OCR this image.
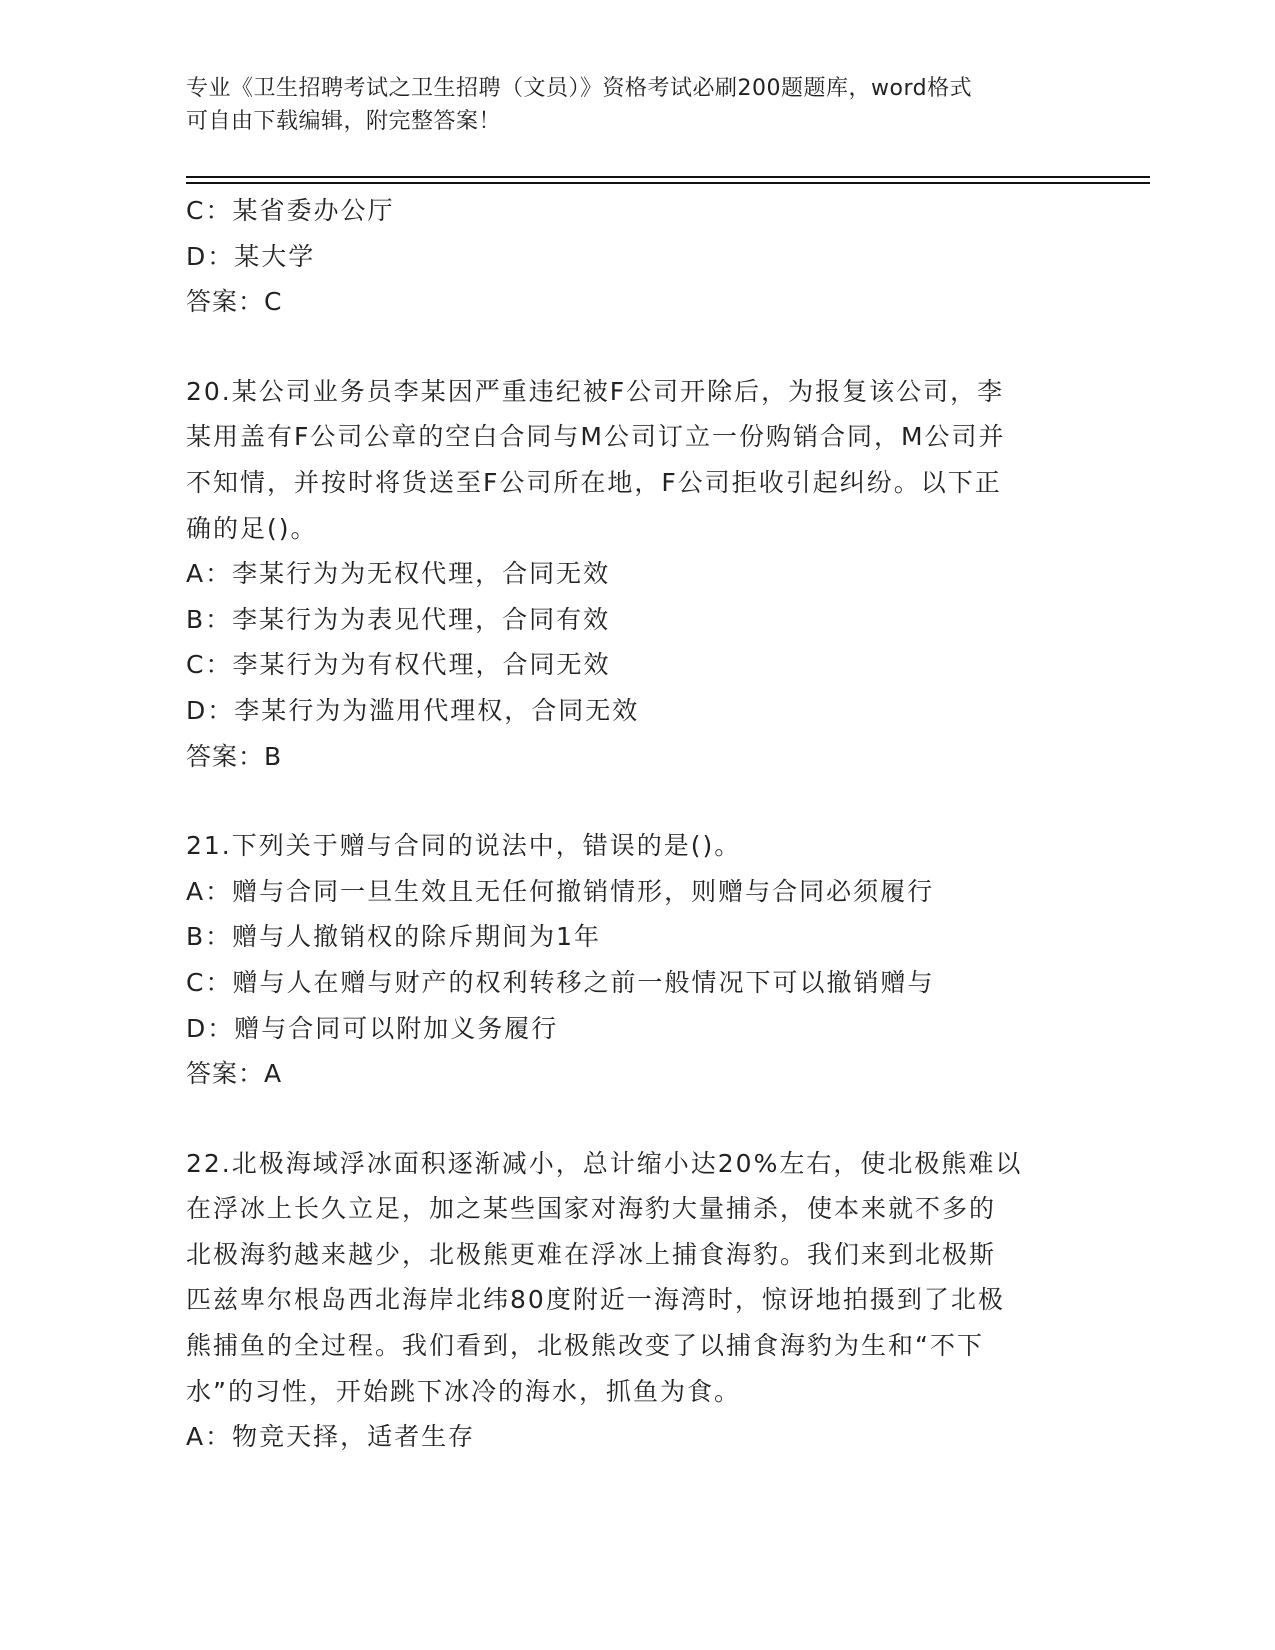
专业《卫生招聘考试之卫生招聘（文员）》资格考试必刷200题题库，word格式
可自由下载编辑，附完整答案！
C：某省委办公厅
D：某大学
答案：C
20.某公司业务员李某因严重违纪被F公司开除后，为报复该公司，李
某用盖有F公司公章的空白合同与M公司订立一份购销合同，M公司并
不知情，并按时将货送至F公司所在地，F公司拒收引起纠纷。以下正
确的足()。
A：李某行为为无权代理，合同无效
B：李某行为为表见代理，合同有效
C：李某行为为有权代理，合同无效
D：李某行为为滥用代理权，合同无效
答案：B
21.下列关于赠与合同的说法中，错误的是()。
A：赠与合同一旦生效且无任何撤销情形，则赠与合同必须履行
B：赠与人撤销权的除斥期间为1年
C：赠与人在赠与财产的权利转移之前一般情况下可以撤销赠与
D：赠与合同可以附加义务履行
答案：A
22.北极海域浮冰面积逐渐减小，总计缩小达20%左右，使北极熊难以
在浮冰上长久立足，加之某些国家对海豹大量捕杀，使本来就不多的
北极海豹越来越少，北极熊更难在浮冰上捕食海豹。我们来到北极斯
匹兹卑尔根岛西北海岸北纬80度附近一海湾时，惊讶地拍摄到了北极
熊捕鱼的全过程。我们看到，北极熊改变了以捕食海豹为生和“不下
水”的习性，开始跳下冰冷的海水，抓鱼为食。
A：物竞天择，适者生存
